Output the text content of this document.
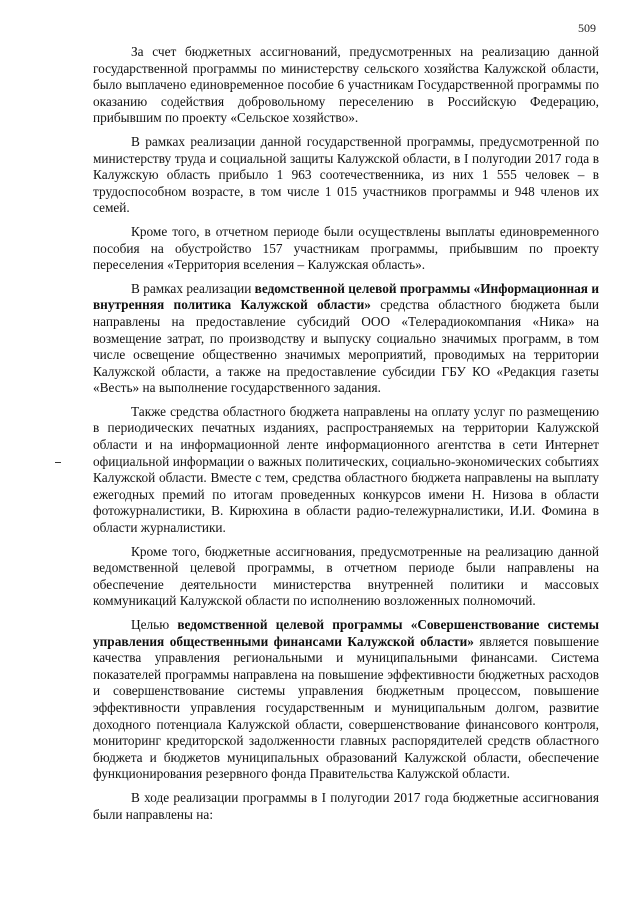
509

За счет бюджетных ассигнований, предусмотренных на реализацию данной государственной программы по министерству сельского хозяйства Калужской области, было выплачено единовременное пособие 6 участникам Государственной программы по оказанию содействия добровольному переселению в Российскую Федерацию, прибывшим по проекту «Сельское хозяйство».

В рамках реализации данной государственной программы, предусмотренной по министерству труда и социальной защиты Калужской области, в I полугодии 2017 года в Калужскую область прибыло 1 963 соотечественника, из них 1 555 человек – в трудоспособном возрасте, в том числе 1 015 участников программы и 948 членов их семей.

Кроме того, в отчетном периоде были осуществлены выплаты единовременного пособия на обустройство 157 участникам программы, прибывшим по проекту переселения «Территория вселения – Калужская область».

В рамках реализации ведомственной целевой программы «Информационная и внутренняя политика Калужской области» средства областного бюджета были направлены на предоставление субсидий ООО «Телерадиокомпания «Ника» на возмещение затрат, по производству и выпуску социально значимых программ, в том числе освещение общественно значимых мероприятий, проводимых на территории Калужской области, а также на предоставление субсидии ГБУ КО «Редакция газеты «Весть» на выполнение государственного задания.

Также средства областного бюджета направлены на оплату услуг по размещению в периодических печатных изданиях, распространяемых на территории Калужской области и на информационной ленте информационного агентства в сети Интернет официальной информации о важных политических, социально-экономических событиях Калужской области. Вместе с тем, средства областного бюджета направлены на выплату ежегодных премий по итогам проведенных конкурсов имени Н. Низова в области фотожурналистики, В. Кирюхина в области радио-тележурналистики, И.И. Фомина в области журналистики.

Кроме того, бюджетные ассигнования, предусмотренные на реализацию данной ведомственной целевой программы, в отчетном периоде были направлены на обеспечение деятельности министерства внутренней политики и массовых коммуникаций Калужской области по исполнению возложенных полномочий.

Целью ведомственной целевой программы «Совершенствование системы управления общественными финансами Калужской области» является повышение качества управления региональными и муниципальными финансами. Система показателей программы направлена на повышение эффективности бюджетных расходов и совершенствование системы управления бюджетным процессом, повышение эффективности управления государственным и муниципальным долгом, развитие доходного потенциала Калужской области, совершенствование финансового контроля, мониторинг кредиторской задолженности главных распорядителей средств областного бюджета и бюджетов муниципальных образований Калужской области, обеспечение функционирования резервного фонда Правительства Калужской области.

В ходе реализации программы в I полугодии 2017 года бюджетные ассигнования были направлены на:
